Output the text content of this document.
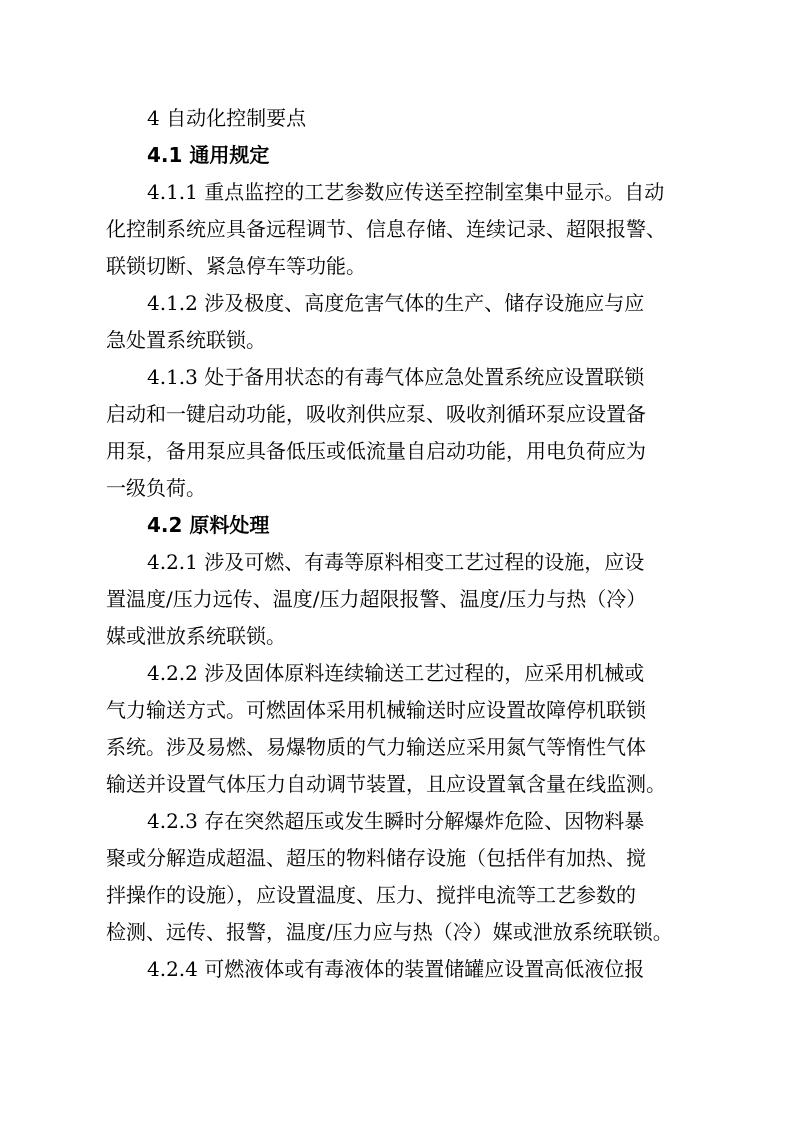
4 自动化控制要点
4.1 通用规定
4.1.1 重点监控的工艺参数应传送至控制室集中显示。自动
化控制系统应具备远程调节、信息存储、连续记录、超限报警、
联锁切断、紧急停车等功能。
4.1.2 涉及极度、高度危害气体的生产、储存设施应与应
急处置系统联锁。
4.1.3 处于备用状态的有毒气体应急处置系统应设置联锁
启动和一键启动功能，吸收剂供应泵、吸收剂循环泵应设置备
用泵，备用泵应具备低压或低流量自启动功能，用电负荷应为
一级负荷。
4.2 原料处理
4.2.1 涉及可燃、有毒等原料相变工艺过程的设施，应设
置温度/压力远传、温度/压力超限报警、温度/压力与热（冷）
媒或泄放系统联锁。
4.2.2 涉及固体原料连续输送工艺过程的，应采用机械或
气力输送方式。可燃固体采用机械输送时应设置故障停机联锁
系统。涉及易燃、易爆物质的气力输送应采用氮气等惰性气体
输送并设置气体压力自动调节装置，且应设置氧含量在线监测。
4.2.3 存在突然超压或发生瞬时分解爆炸危险、因物料暴
聚或分解造成超温、超压的物料储存设施（包括伴有加热、搅
拌操作的设施），应设置温度、压力、搅拌电流等工艺参数的
检测、远传、报警，温度/压力应与热（冷）媒或泄放系统联锁。
4.2.4 可燃液体或有毒液体的装置储罐应设置高低液位报
